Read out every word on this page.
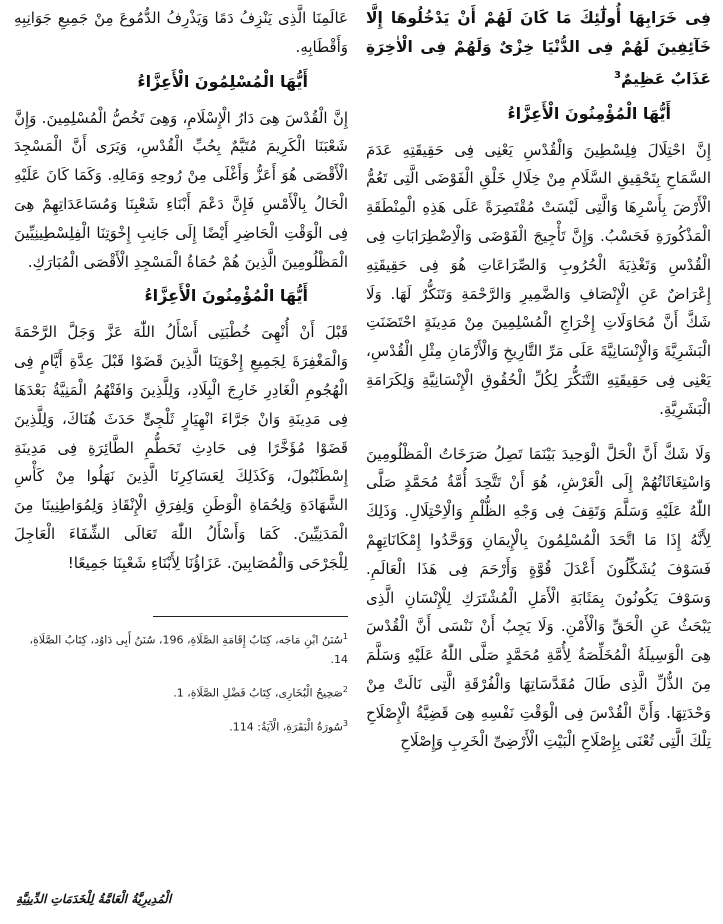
فِى خَرَابِهَا أُولَٰٓئِكَ مَا كَانَ لَهُمْ أَنْ يَدْخُلُوهَا إِلَّا خَآئِفِينَ لَهُمْ فِى الدُّنْيَا خِزْىٌ وَلَهُمْ فِى الْاٰخِرَةِ عَذَابٌ عَظِيمٌ$^3$

أَيُّهَا الْمُؤْمِنُونَ الْأَعِزَّاءُ

إِنَّ احْتِلَالَ فِلِسْطِينَ وَالْقُدْسِ يَعْنِى فِى حَقِيقَتِهِ عَدَمَ السَّمَاحِ بِتَحْقِيقِ السَّلَامِ مِنْ خِلَالِ خَلْقِ الْفَوْضَى الَّتِى تَعُمُّ الْأَرْضَ بِأَسْرِهَا وَالَّتِى لَيْسَتْ مُقْتَصِرَةً عَلَى هَذِهِ الْمِنْطَقَةِ الْمَذْكُورَةِ فَحَسْبُ. وَإِنَّ تَأْجِيجَ الْفَوْضَى وَالْاِضْطِرَابَاتِ فِى الْقُدْسِ وَتَغْذِيَةَ الْحُرُوبِ وَالصِّرَاعَاتِ هُوَ فِى حَقِيقَتِهِ إِعْرَاضٌ عَنِ الْإِنْصَافِ وَالضَّمِيرِ وَالرَّحْمَةِ وَتَنَكُّرٌ لَهَا. وَلَا شَكَّ أَنَّ مُحَاوَلَاتِ إِخْرَاجِ الْمُسْلِمِينَ مِنْ مَدِينَةٍ احْتَضَنَتِ الْبَشَرِيَّةَ وَالْإِنْسَانِيَّةَ عَلَى مَرِّ التَّارِيخِ وَالْأَزْمَانِ مِثْلِ الْقُدْسِ، يَعْنِى فِى حَقِيقَتِهِ التَّنَكُّرَ لِكُلِّ الْحُقُوقِ الْإِنْسَانِيَّةِ وَلِكَرَامَةِ الْبَشَرِيَّةِ.

وَلَا شَكَّ أَنَّ الْحَلَّ الْوَحِيدَ بَيْنَمَا تَصِلُ صَرَخَاتُ الْمَظْلُومِينَ وَاسْتِغَاثَاتُهُمْ إِلَى الْعَرْشِ، هُوَ أَنْ تَتَّحِدَ أُمَّةُ مُحَمَّدٍ صَلَّى اللّٰهُ عَلَيْهِ وَسَلَّمَ وَتَقِفَ فِى وَجْهِ الظُّلْمِ وَالْاِحْتِلَالِ. وَذَلِكَ لِأَنَّهُ إِذَا مَا اتَّحَدَ الْمُسْلِمُونَ بِالْإِيمَانِ وَوَحَّدُوا إِمْكَانَاتِهِمْ فَسَوْفَ يُشَكِّلُونَ أَعْدَلَ قُوَّةٍ وَأَرْحَمَ فِى هَذَا الْعَالَمِ. وَسَوْفَ يَكُونُونَ بِمَثَابَةِ الْأَمَلِ الْمُشْتَرَكِ لِلْإِنْسَانِ الَّذِى يَبْحَثُ عَنِ الْحَقِّ وَالْأَمْنِ. وَلَا يَجِبُ أَنْ نَنْسَى أَنَّ الْقُدْسَ هِىَ الْوَسِيلَةُ الْمُخَلِّصَةُ لِأُمَّةِ مُحَمَّدٍ صَلَّى اللّٰهُ عَلَيْهِ وَسَلَّمَ مِنَ الذُّلِّ الَّذِى طَالَ مُقَدَّسَاتِهَا وَالْفُرْقَةِ الَّتِى نَالَتْ مِنْ وَحْدَتِهَا. وَأَنَّ الْقُدْسَ فِى الْوَقْتِ نَفْسِهِ هِىَ قَضِيَّةُ الْإِصْلَاحِ تِلْكَ الَّتِى تُعْنَى بِإِصْلَاحِ الْبَيْتِ الْأَرْضِىِّ الْخَرِبِ وَإِصْلَاحِ

عَالَمِنَا الَّذِى يَنْزِفُ دَمًا وَيَذْرِفُ الدُّمُوعَ مِنْ جَمِيعِ جَوَانِبِهِ وَأَقْطَابِهِ.

أَيُّهَا الْمُسْلِمُونَ الْأَعِزَّاءُ

إِنَّ الْقُدْسَ هِىَ دَارُ الْإِسْلَامِ، وَهِىَ تَخُصُّ الْمُسْلِمِينَ. وَإِنَّ شَعْبَنَا الْكَرِيمَ مُتَيَّمٌ بِحُبِّ الْقُدْسِ، وَيَرَى أَنَّ الْمَسْجِدَ الْأَقْصَى هُوَ أَعَزُّ وَأَغْلَى مِنْ رُوحِهِ وَمَالِهِ. وَكَمَا كَانَ عَلَيْهِ الْحَالُ بِالْأَمْسِ فَإِنَّ دَعْمَ أَبْنَاءِ شَعْبِنَا وَمُسَاعَدَاتِهِمْ هِىَ فِى الْوَقْتِ الْحَاضِرِ أَيْضًا إِلَى جَانِبِ إِخْوَتِنَا الْفِلِسْطِينِيِّينَ الْمَظْلُومِينَ الَّذِينَ هُمْ حُمَاةُ الْمَسْجِدِ الْأَقْصَى الْمُبَارَكِ.

أَيُّهَا الْمُؤْمِنُونَ الْأَعِزَّاءُ

قَبْلَ أَنْ أُنْهِىَ خُطْبَتِى أَسْأَلُ اللّٰهَ عَزَّ وَجَلَّ الرَّحْمَةَ وَالْمَغْفِرَةَ لِجَمِيعِ إِخْوَتِنَا الَّذِينَ قَضَوْا قَبْلَ عِدَّةِ أَيَّامٍ فِى الْهُجُومِ الْغَادِرِ خَارِجَ الْبِلَادِ، وَلِلَّذِينَ وَافَتْهُمُ الْمَنِيَّةُ بَعْدَهَا فِى مَدِينَةِ وَانْ جَرَّاءَ انْهِيَارٍ ثَلْجِىٍّ حَدَثَ هُنَاكَ، وَلِلَّذِينَ قَضَوْا مُؤَخَّرًا فِى حَادِثِ تَحَطُّمِ الطَّائِرَةِ فِى مَدِينَةِ إِسْطَنْبُولَ، وَكَذَلِكَ لِعَسَاكِرِنَا الَّذِينَ نَهَلُوا مِنْ كَأْسِ الشَّهَادَةِ وَلِحُمَاةِ الْوَطَنِ وَلِفِرَقِ الْإِنْقَاذِ وَلِمُوَاطِنِينَا مِنَ الْمَدَنِيِّينَ. كَمَا وَأَسْأَلُ اللّٰهَ تَعَالَى الشِّفَاءَ الْعَاجِلَ لِلْجَرْحَى وَالْمُصَابِينَ. عَزَاؤُنَا لِأَبْنَاءِ شَعْبِنَا جَمِيعًا!

$^1$سُنَنُ ابْنِ مَاجَه، كِتَابُ إِقَامَةِ الصَّلَاةِ، 196، سُنَنُ أَبِى دَاوُد، كِتَابُ الصَّلَاةِ، 14.

$^2$صَحِيحُ الْبُخَارِى، كِتَابُ فَضْلِ الصَّلَاةِ، 1.

$^3$سُورَةُ الْبَقَرَةِ، الْآيَةُ: 114.

الْمُدِيرِيَّةُ الْعَامَّةُ لِلْخَدَمَاتِ الدِّينِيَّةِ
